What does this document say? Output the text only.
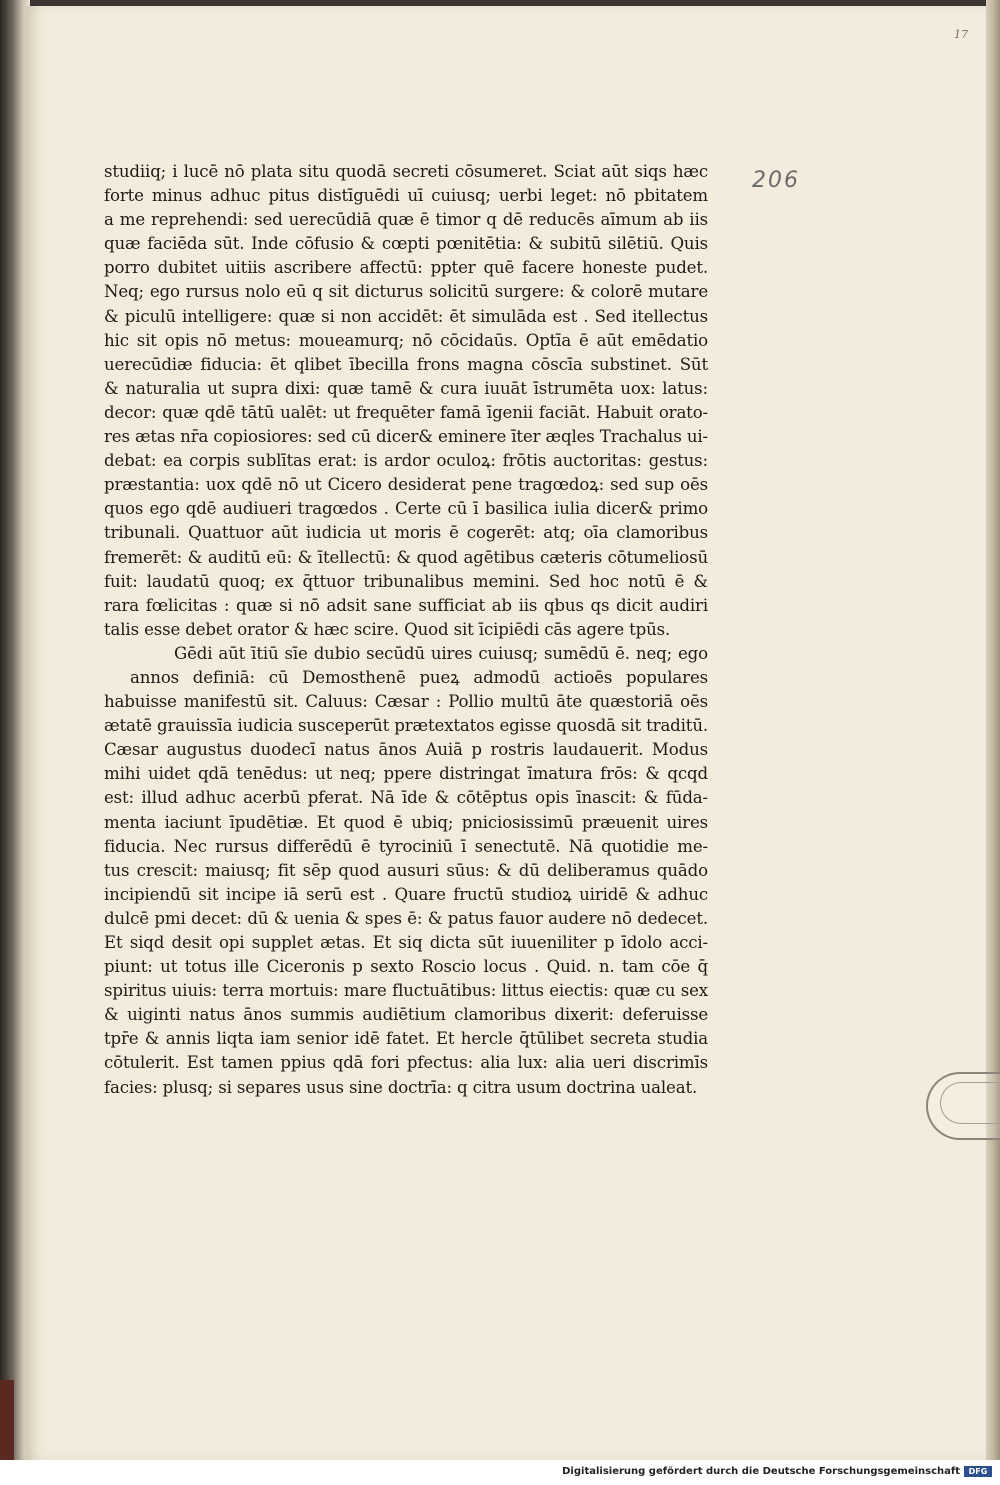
17
206
studiiq; i lucē nō plata situ quodā secreti cōsumeret. Sciat aūt siqs hæc
forte minus adhuc pitus distīguēdi uī cuiusq; uerbi leget: nō pbitatem
a me reprehendi: sed uerecūdiā quæ ē timor q dē reducēs aīmum ab iis
quæ faciēda sūt. Inde cōfusio & cœpti pœnitētia: & subitū silētiū. Quis
porro dubitet uitiis ascribere affectū: ppter quē facere honeste pudet.
Neq; ego rursus nolo eū q sit dicturus solicitū surgere: & colorē mutare
& piculū intelligere: quæ si non accidēt: ēt simulāda est . Sed itellectus
hic sit opis nō metus: moueamurq; nō cōcidaūs. Optīa ē aūt emēdatio
uerecūdiæ fiducia: ēt qlibet ībecilla frons magna cōscīa substinet. Sūt
& naturalia ut supra dixi: quæ tamē & cura iuuāt īstrumēta uox: latus:
decor: quæ qdē tātū ualēt: ut frequēter famā īgenii faciāt. Habuit orato-
res ætas nr̄a copiosiores: sed cū dicer& eminere īter æqles Trachalus ui-
debat: ea corpis sublītas erat: is ardor oculoꝝ: frōtis auctoritas: gestus:
præstantia: uox qdē nō ut Cicero desiderat pene tragœdoꝝ: sed sup oēs
quos ego qdē audiueri tragœdos . Certe cū ī basilica iulia dicer& primo
tribunali. Quattuor aūt iudicia ut moris ē cogerēt: atq; oīa clamoribus
fremerēt: & auditū eū: & ītellectū: & quod agētibus cæteris cōtumeliosū
fuit: laudatū quoq; ex q̄ttuor tribunalibus memini. Sed hoc notū ē &
rara fœlicitas : quæ si nō adsit sane sufficiat ab iis qbus qs dicit audiri
talis esse debet orator & hæc scire. Quod sit īcipiēdi cās agere tpūs.
Gēdi aūt ītiū sīe dubio secūdū uires cuiusq; sumēdū ē. neq; ego
annos definiā: cū Demosthenē pueꝝ admodū actioēs populares
habuisse manifestū sit. Caluus: Cæsar : Pollio multū āte quæstoriā oēs
ætatē grauissīa iudicia susceperūt prætextatos egisse quosdā sit traditū.
Cæsar augustus duodecī natus ānos Auiā p rostris laudauerit. Modus
mihi uidet qdā tenēdus: ut neq; ppere distringat īmatura frōs: & qcqd
est: illud adhuc acerbū pferat. Nā īde & cōtēptus opis īnascit: & fūda-
menta iaciunt īpudētiæ. Et quod ē ubiq; pniciosissimū præuenit uires
fiducia. Nec rursus differēdū ē tyrociniū ī senectutē. Nā quotidie me-
tus crescit: maiusq; fit sēp quod ausuri sūus: & dū deliberamus quādo
incipiendū sit incipe iā serū est . Quare fructū studioꝝ uiridē & adhuc
dulcē pmi decet: dū & uenia & spes ē: & patus fauor audere nō dedecet.
Et siqd desit opi supplet ætas. Et siq dicta sūt iuueniliter p īdolo acci-
piunt: ut totus ille Ciceronis p sexto Roscio locus . Quid. n. tam cōe q̄
spiritus uiuis: terra mortuis: mare fluctuātibus: littus eiectis: quæ cu sex
& uiginti natus ānos summis audiētium clamoribus dixerit: deferuisse
tpr̄e & annis liqta iam senior idē fatet. Et hercle q̄tūlibet secreta studia
cōtulerit. Est tamen ppius qdā fori pfectus: alia lux: alia ueri discrimīs
facies: plusq; si separes usus sine doctrīa: q citra usum doctrina ualeat.
Digitalisierung gefördert durch die Deutsche Forschungsgemeinschaft	DFG
